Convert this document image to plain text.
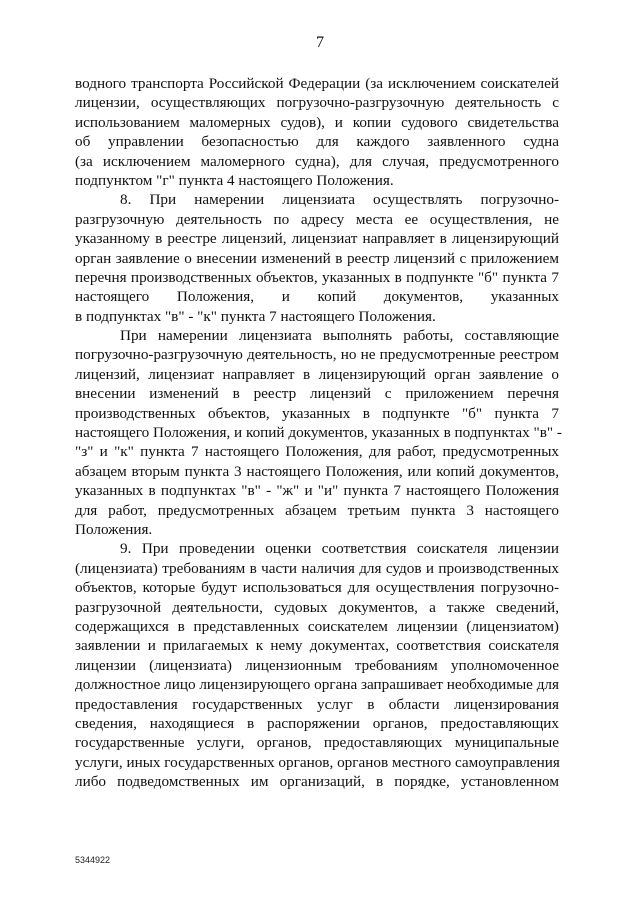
7
водного транспорта Российской Федерации (за исключением соискателей
лицензии, осуществляющих погрузочно-разгрузочную деятельность с
использованием маломерных судов), и копии судового свидетельства
об управлении безопасностью для каждого заявленного судна
(за исключением маломерного судна), для случая, предусмотренного
подпунктом "г" пункта 4 настоящего Положения.
8. При намерении лицензиата осуществлять погрузочно-
разгрузочную деятельность по адресу места ее осуществления, не
указанному в реестре лицензий, лицензиат направляет в лицензирующий
орган заявление о внесении изменений в реестр лицензий с приложением
перечня производственных объектов, указанных в подпункте "б" пункта 7
настоящего Положения, и копий документов, указанных
в подпунктах "в" - "к" пункта 7 настоящего Положения.
При намерении лицензиата выполнять работы, составляющие
погрузочно-разгрузочную деятельность, но не предусмотренные реестром
лицензий, лицензиат направляет в лицензирующий орган заявление о
внесении изменений в реестр лицензий с приложением перечня
производственных объектов, указанных в подпункте "б" пункта 7
настоящего Положения, и копий документов, указанных в подпунктах "в" -
"з" и "к" пункта 7 настоящего Положения, для работ, предусмотренных
абзацем вторым пункта 3 настоящего Положения, или копий документов,
указанных в подпунктах "в" - "ж" и "и" пункта 7 настоящего Положения
для работ, предусмотренных абзацем третьим пункта 3 настоящего
Положения.
9. При проведении оценки соответствия соискателя лицензии
(лицензиата) требованиям в части наличия для судов и производственных
объектов, которые будут использоваться для осуществления погрузочно-
разгрузочной деятельности, судовых документов, а также сведений,
содержащихся в представленных соискателем лицензии (лицензиатом)
заявлении и прилагаемых к нему документах, соответствия соискателя
лицензии (лицензиата) лицензионным требованиям уполномоченное
должностное лицо лицензирующего органа запрашивает необходимые для
предоставления государственных услуг в области лицензирования
сведения, находящиеся в распоряжении органов, предоставляющих
государственные услуги, органов, предоставляющих муниципальные
услуги, иных государственных органов, органов местного самоуправления
либо подведомственных им организаций, в порядке, установленном
5344922
